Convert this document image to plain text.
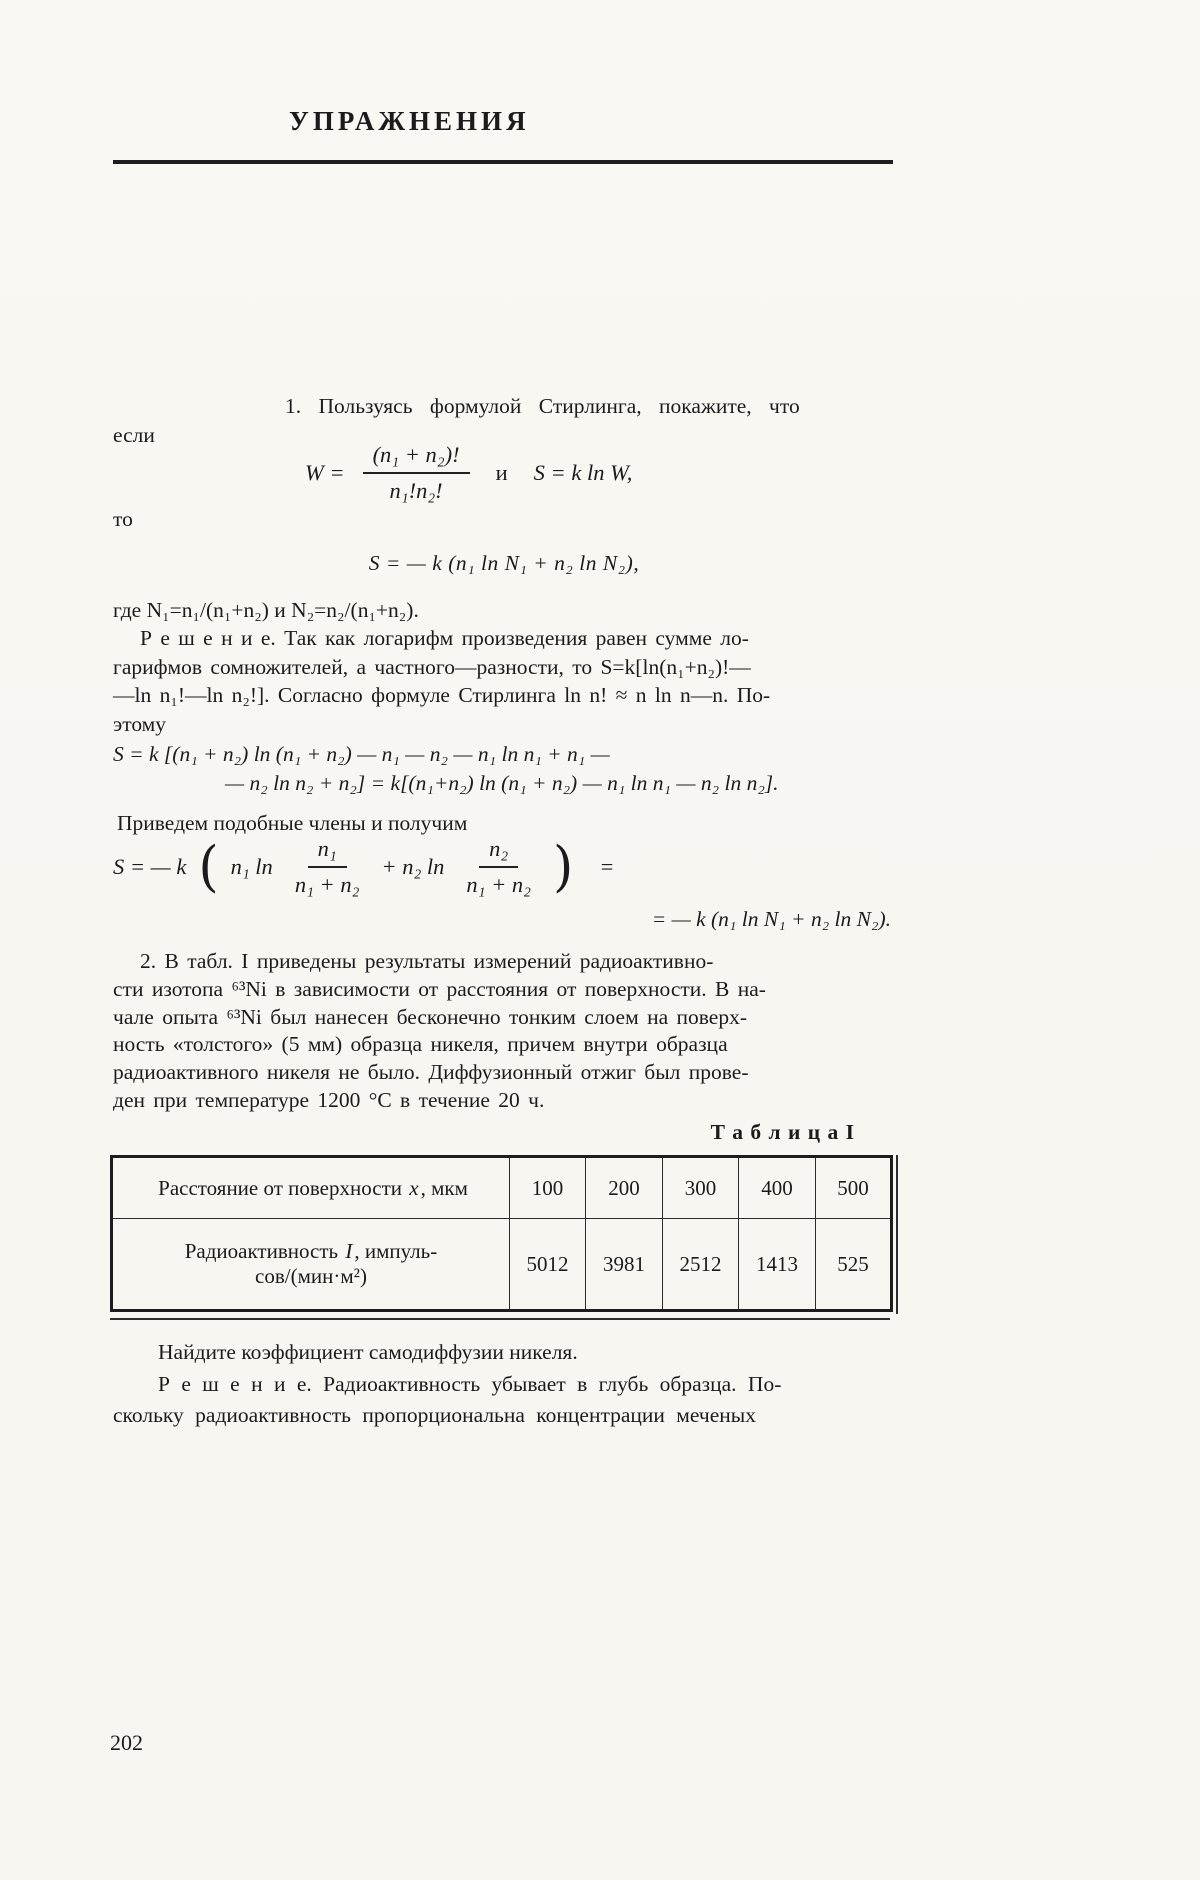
УПРАЖНЕНИЯ
1. Пользуясь формулой Стирлинга, покажите, что
если
$W = \frac{\text{(n₁ + n₂)!}}{\text{n₁!n₂!}}$	и	S = k ln W,
то
S = — k (n₁ ln N₁ + n₂ ln N₂),
где N₁=n₁/(n₁+n₂) и N₂=n₂/(n₁+n₂).
Р е ш е н и е. Так как логарифм произведения равен сумме ло-
гарифмов сомножителей, а частного—разности, то S=k[ln(n₁+n₂)!—
—ln n₁!—ln n₂!]. Согласно формуле Стирлинга ln n! ≈ n ln n—n. По-
этому
S = k [(n₁ + n₂) ln (n₁ + n₂) — n₁ — n₂ — n₁ ln n₁ + n₁ —
— n₂ ln n₂ + n₂] = k[(n₁+n₂) ln (n₁ + n₂) — n₁ ln n₁ — n₂ ln n₂].
Приведем подобные члены и получим
S = — k ( n₁ $\ln \frac{\text{n₁}}{\text{n₁ + n₂}} + n_2$ $\ln \frac{\text{n₂}}{\text{n₁ + n₂}}$ )	=
= — k (n₁ ln N₁ + n₂ ln N₂).
2. В табл. I приведены результаты измерений радиоактивно-
сти изотопа ⁶³Ni в зависимости от расстояния от поверхности. В на-
чале опыта ⁶³Ni был нанесен бесконечно тонким слоем на поверх-
ность «толстого» (5 мм) образца никеля, причем внутри образца
радиоактивного никеля не было. Диффузионный отжиг был прове-
ден при температуре 1200 °C в течение 20 ч.
Т а б л и ц а I
Расстояние от поверхности x, мкм	100	200	300	400	500

Радиоактивность I, импуль-
сов/(мин·м²)	5012	3981	2512	1413	525
Найдите коэффициент самодиффузии никеля.
Р е ш е н и е. Радиоактивность убывает в глубь образца. По-
скольку радиоактивность пропорциональна концентрации меченых
202
